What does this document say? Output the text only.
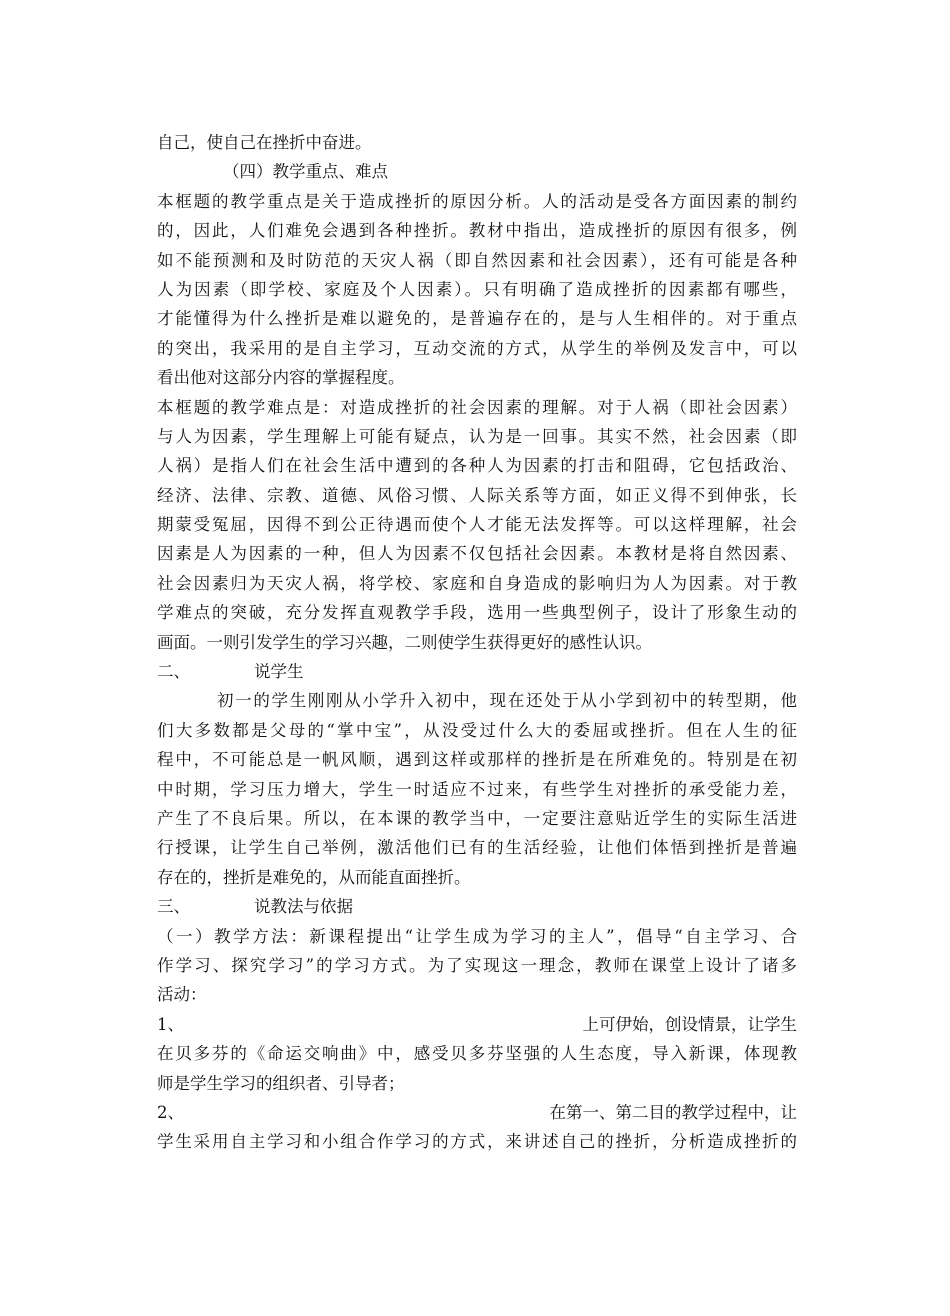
自己，使自己在挫折中奋进。
（四）教学重点、难点
本框题的教学重点是关于造成挫折的原因分析。人的活动是受各方面因素的制约
的，因此，人们难免会遇到各种挫折。教材中指出，造成挫折的原因有很多，例
如不能预测和及时防范的天灾人祸（即自然因素和社会因素），还有可能是各种
人为因素（即学校、家庭及个人因素）。只有明确了造成挫折的因素都有哪些，
才能懂得为什么挫折是难以避免的，是普遍存在的，是与人生相伴的。对于重点
的突出，我采用的是自主学习，互动交流的方式，从学生的举例及发言中，可以
看出他对这部分内容的掌握程度。
本框题的教学难点是：对造成挫折的社会因素的理解。对于人祸（即社会因素）
与人为因素，学生理解上可能有疑点，认为是一回事。其实不然，社会因素（即
人祸）是指人们在社会生活中遭到的各种人为因素的打击和阻碍，它包括政治、
经济、法律、宗教、道德、风俗习惯、人际关系等方面，如正义得不到伸张，长
期蒙受冤屈，因得不到公正待遇而使个人才能无法发挥等。可以这样理解，社会
因素是人为因素的一种，但人为因素不仅包括社会因素。本教材是将自然因素、
社会因素归为天灾人祸，将学校、家庭和自身造成的影响归为人为因素。对于教
学难点的突破，充分发挥直观教学手段，选用一些典型例子，设计了形象生动的
画面。一则引发学生的学习兴趣，二则使学生获得更好的感性认识。
二、	说学生
初一的学生刚刚从小学升入初中，现在还处于从小学到初中的转型期，他
们大多数都是父母的“掌中宝”，从没受过什么大的委屈或挫折。但在人生的征
程中，不可能总是一帆风顺，遇到这样或那样的挫折是在所难免的。特别是在初
中时期，学习压力增大，学生一时适应不过来，有些学生对挫折的承受能力差，
产生了不良后果。所以，在本课的教学当中，一定要注意贴近学生的实际生活进
行授课，让学生自己举例，激活他们已有的生活经验，让他们体悟到挫折是普遍
存在的，挫折是难免的，从而能直面挫折。
三、	说教法与依据
（一）教学方法：新课程提出“让学生成为学习的主人”，倡导“自主学习、合
作学习、探究学习”的学习方式。为了实现这一理念，教师在课堂上设计了诸多
活动：
1、	上可伊始，创设情景，让学生
在贝多芬的《命运交响曲》中，感受贝多芬坚强的人生态度，导入新课，体现教
师是学生学习的组织者、引导者；
2、	在第一、第二目的教学过程中，让
学生采用自主学习和小组合作学习的方式，来讲述自己的挫折，分析造成挫折的
